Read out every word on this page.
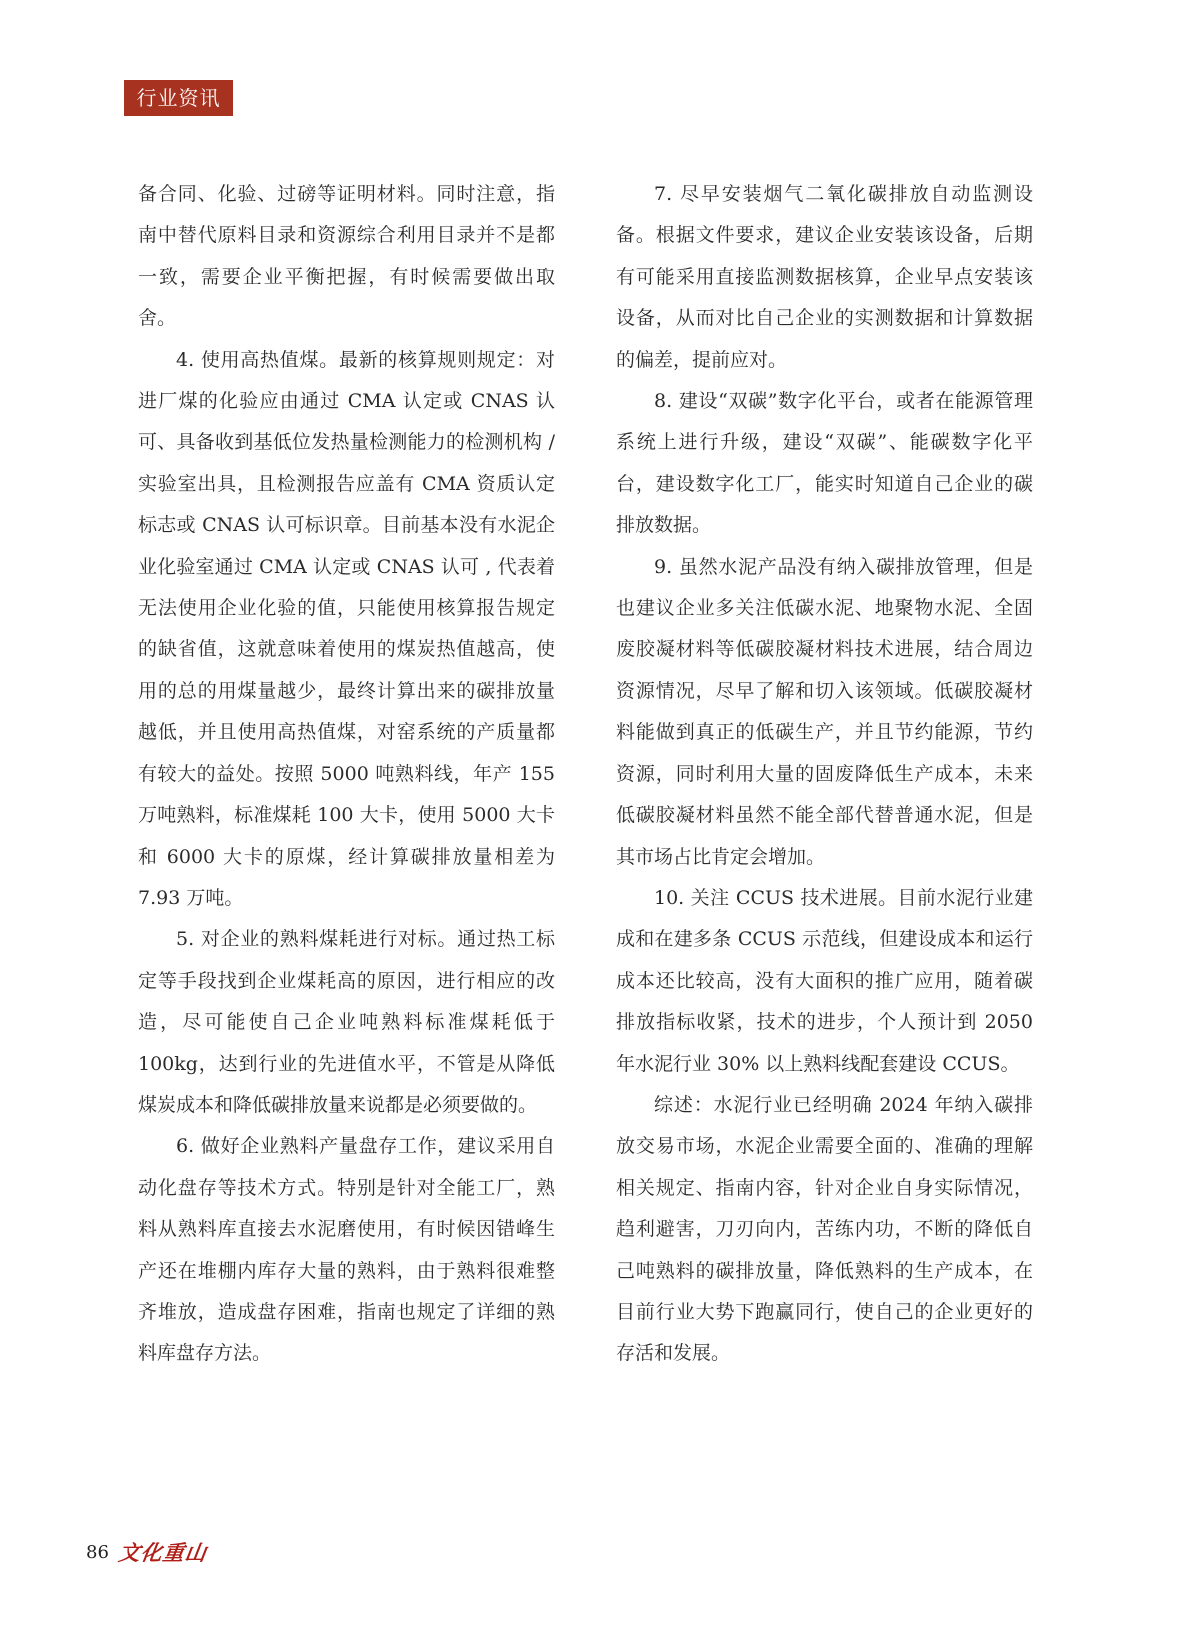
行业资讯

备合同、化验、过磅等证明材料。同时注意，指南中替代原料目录和资源综合利用目录并不是都一致，需要企业平衡把握，有时候需要做出取舍。

4. 使用高热值煤。最新的核算规则规定：对进厂煤的化验应由通过 CMA 认定或 CNAS 认可、具备收到基低位发热量检测能力的检测机构 / 实验室出具，且检测报告应盖有 CMA 资质认定标志或 CNAS 认可标识章。目前基本没有水泥企业化验室通过 CMA 认定或 CNAS 认可 , 代表着无法使用企业化验的值，只能使用核算报告规定的缺省值，这就意味着使用的煤炭热值越高，使用的总的用煤量越少，最终计算出来的碳排放量越低，并且使用高热值煤，对窑系统的产质量都有较大的益处。按照 5000 吨熟料线，年产 155 万吨熟料，标准煤耗 100 大卡，使用 5000 大卡和 6000 大卡的原煤，经计算碳排放量相差为 7.93 万吨。

5. 对企业的熟料煤耗进行对标。通过热工标定等手段找到企业煤耗高的原因，进行相应的改造，尽可能使自己企业吨熟料标准煤耗低于 100kg，达到行业的先进值水平，不管是从降低煤炭成本和降低碳排放量来说都是必须要做的。

6. 做好企业熟料产量盘存工作，建议采用自动化盘存等技术方式。特别是针对全能工厂，熟料从熟料库直接去水泥磨使用，有时候因错峰生产还在堆棚内库存大量的熟料，由于熟料很难整齐堆放，造成盘存困难，指南也规定了详细的熟料库盘存方法。

7. 尽早安装烟气二氧化碳排放自动监测设备。根据文件要求，建议企业安装该设备，后期有可能采用直接监测数据核算，企业早点安装该设备，从而对比自己企业的实测数据和计算数据的偏差，提前应对。

8. 建设“双碳”数字化平台，或者在能源管理系统上进行升级，建设“双碳”、能碳数字化平台，建设数字化工厂，能实时知道自己企业的碳排放数据。

9. 虽然水泥产品没有纳入碳排放管理，但是也建议企业多关注低碳水泥、地聚物水泥、全固废胶凝材料等低碳胶凝材料技术进展，结合周边资源情况，尽早了解和切入该领域。低碳胶凝材料能做到真正的低碳生产，并且节约能源，节约资源，同时利用大量的固废降低生产成本，未来低碳胶凝材料虽然不能全部代替普通水泥，但是其市场占比肯定会增加。

10. 关注 CCUS 技术进展。目前水泥行业建成和在建多条 CCUS 示范线，但建设成本和运行成本还比较高，没有大面积的推广应用，随着碳排放指标收紧，技术的进步，个人预计到 2050 年水泥行业 30% 以上熟料线配套建设 CCUS。

综述：水泥行业已经明确 2024 年纳入碳排放交易市场，水泥企业需要全面的、准确的理解相关规定、指南内容，针对企业自身实际情况，趋利避害，刀刃向内，苦练内功，不断的降低自己吨熟料的碳排放量，降低熟料的生产成本，在目前行业大势下跑赢同行，使自己的企业更好的存活和发展。

86 文化重山
